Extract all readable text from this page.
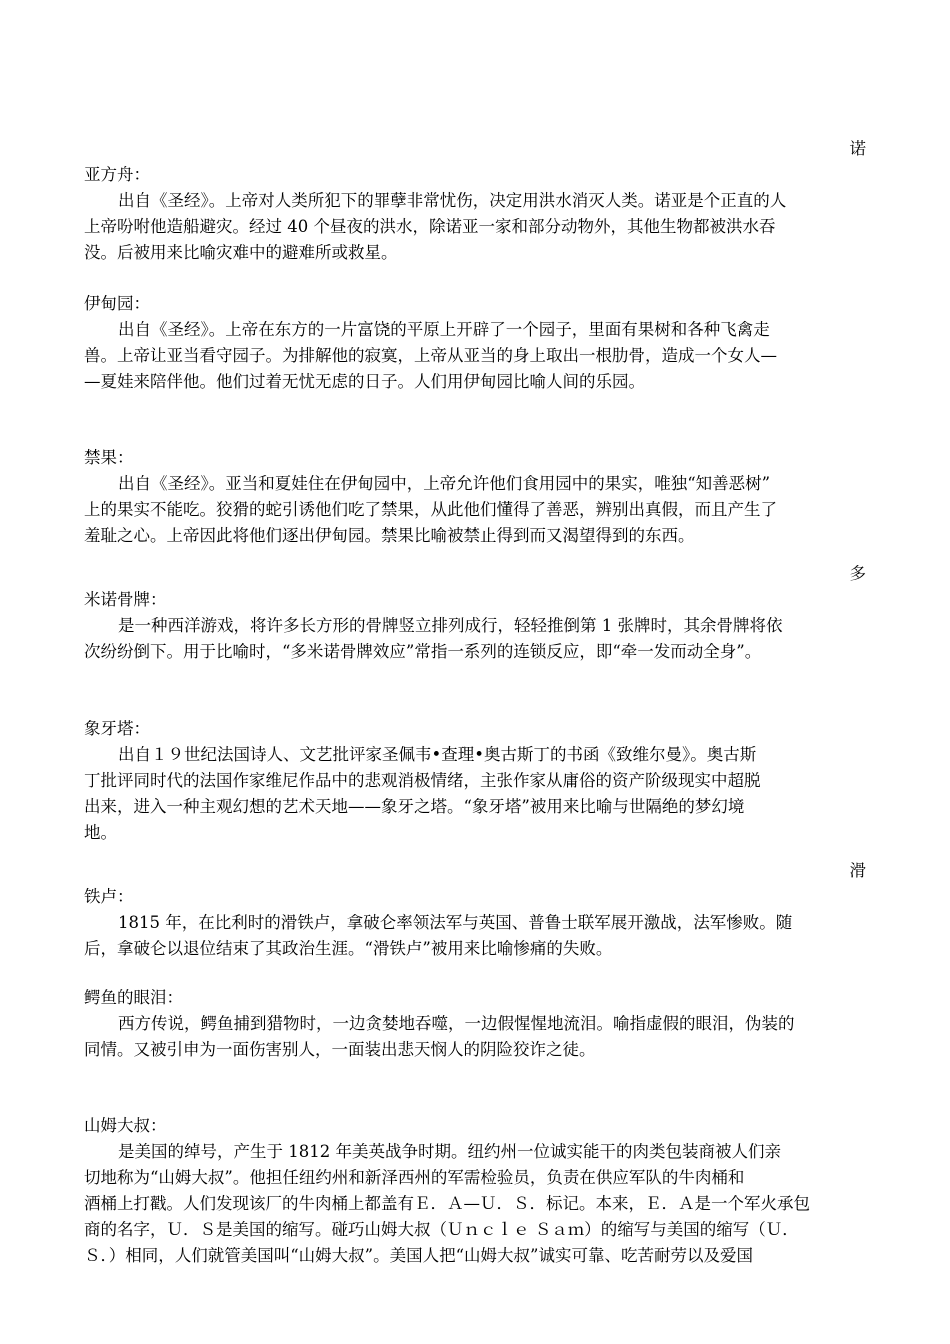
诺
亚方舟：
出自《圣经》。上帝对人类所犯下的罪孽非常忧伤，决定用洪水消灭人类。诺亚是个正直的人
上帝吩咐他造船避灾。经过 40 个昼夜的洪水，除诺亚一家和部分动物外，其他生物都被洪水吞
没。后被用来比喻灾难中的避难所或救星。
伊甸园：
出自《圣经》。上帝在东方的一片富饶的平原上开辟了一个园子，里面有果树和各种飞禽走
兽。上帝让亚当看守园子。为排解他的寂寞，上帝从亚当的身上取出一根肋骨，造成一个女人—
—夏娃来陪伴他。他们过着无忧无虑的日子。人们用伊甸园比喻人间的乐园。
禁果：
出自《圣经》。亚当和夏娃住在伊甸园中，上帝允许他们食用园中的果实，唯独“知善恶树”
上的果实不能吃。狡猾的蛇引诱他们吃了禁果，从此他们懂得了善恶，辨别出真假，而且产生了
羞耻之心。上帝因此将他们逐出伊甸园。禁果比喻被禁止得到而又渴望得到的东西。
多
米诺骨牌：
是一种西洋游戏，将许多长方形的骨牌竖立排列成行，轻轻推倒第 1 张牌时，其余骨牌将依
次纷纷倒下。用于比喻时，“多米诺骨牌效应”常指一系列的连锁反应，即“牵一发而动全身”。
象牙塔：
出自１９世纪法国诗人、文艺批评家圣佩韦•查理•奥古斯丁的书函《致维尔曼》。奥古斯
丁批评同时代的法国作家维尼作品中的悲观消极情绪，主张作家从庸俗的资产阶级现实中超脱
出来，进入一种主观幻想的艺术天地——象牙之塔。“象牙塔”被用来比喻与世隔绝的梦幻境
地。
滑
铁卢：
1815 年，在比利时的滑铁卢，拿破仑率领法军与英国、普鲁士联军展开激战，法军惨败。随
后，拿破仑以退位结束了其政治生涯。“滑铁卢”被用来比喻惨痛的失败。
鳄鱼的眼泪：
西方传说，鳄鱼捕到猎物时，一边贪婪地吞噬，一边假惺惺地流泪。喻指虚假的眼泪，伪装的
同情。又被引申为一面伤害别人，一面装出悲天悯人的阴险狡诈之徒。
山姆大叔：
是美国的绰号，产生于 1812 年美英战争时期。纽约州一位诚实能干的肉类包装商被人们亲
切地称为“山姆大叔”。他担任纽约州和新泽西州的军需检验员，负责在供应军队的牛肉桶和
酒桶上打戳。人们发现该厂的牛肉桶上都盖有Ｅ．Ａ—Ｕ．Ｓ．标记。本来，Ｅ．Ａ是一个军火承包
商的名字，Ｕ．Ｓ是美国的缩写。碰巧山姆大叔（Ｕｎｃｌｅ Ｓａｍ）的缩写与美国的缩写（Ｕ．
Ｓ．）相同，人们就管美国叫“山姆大叔”。美国人把“山姆大叔”诚实可靠、吃苦耐劳以及爱国
